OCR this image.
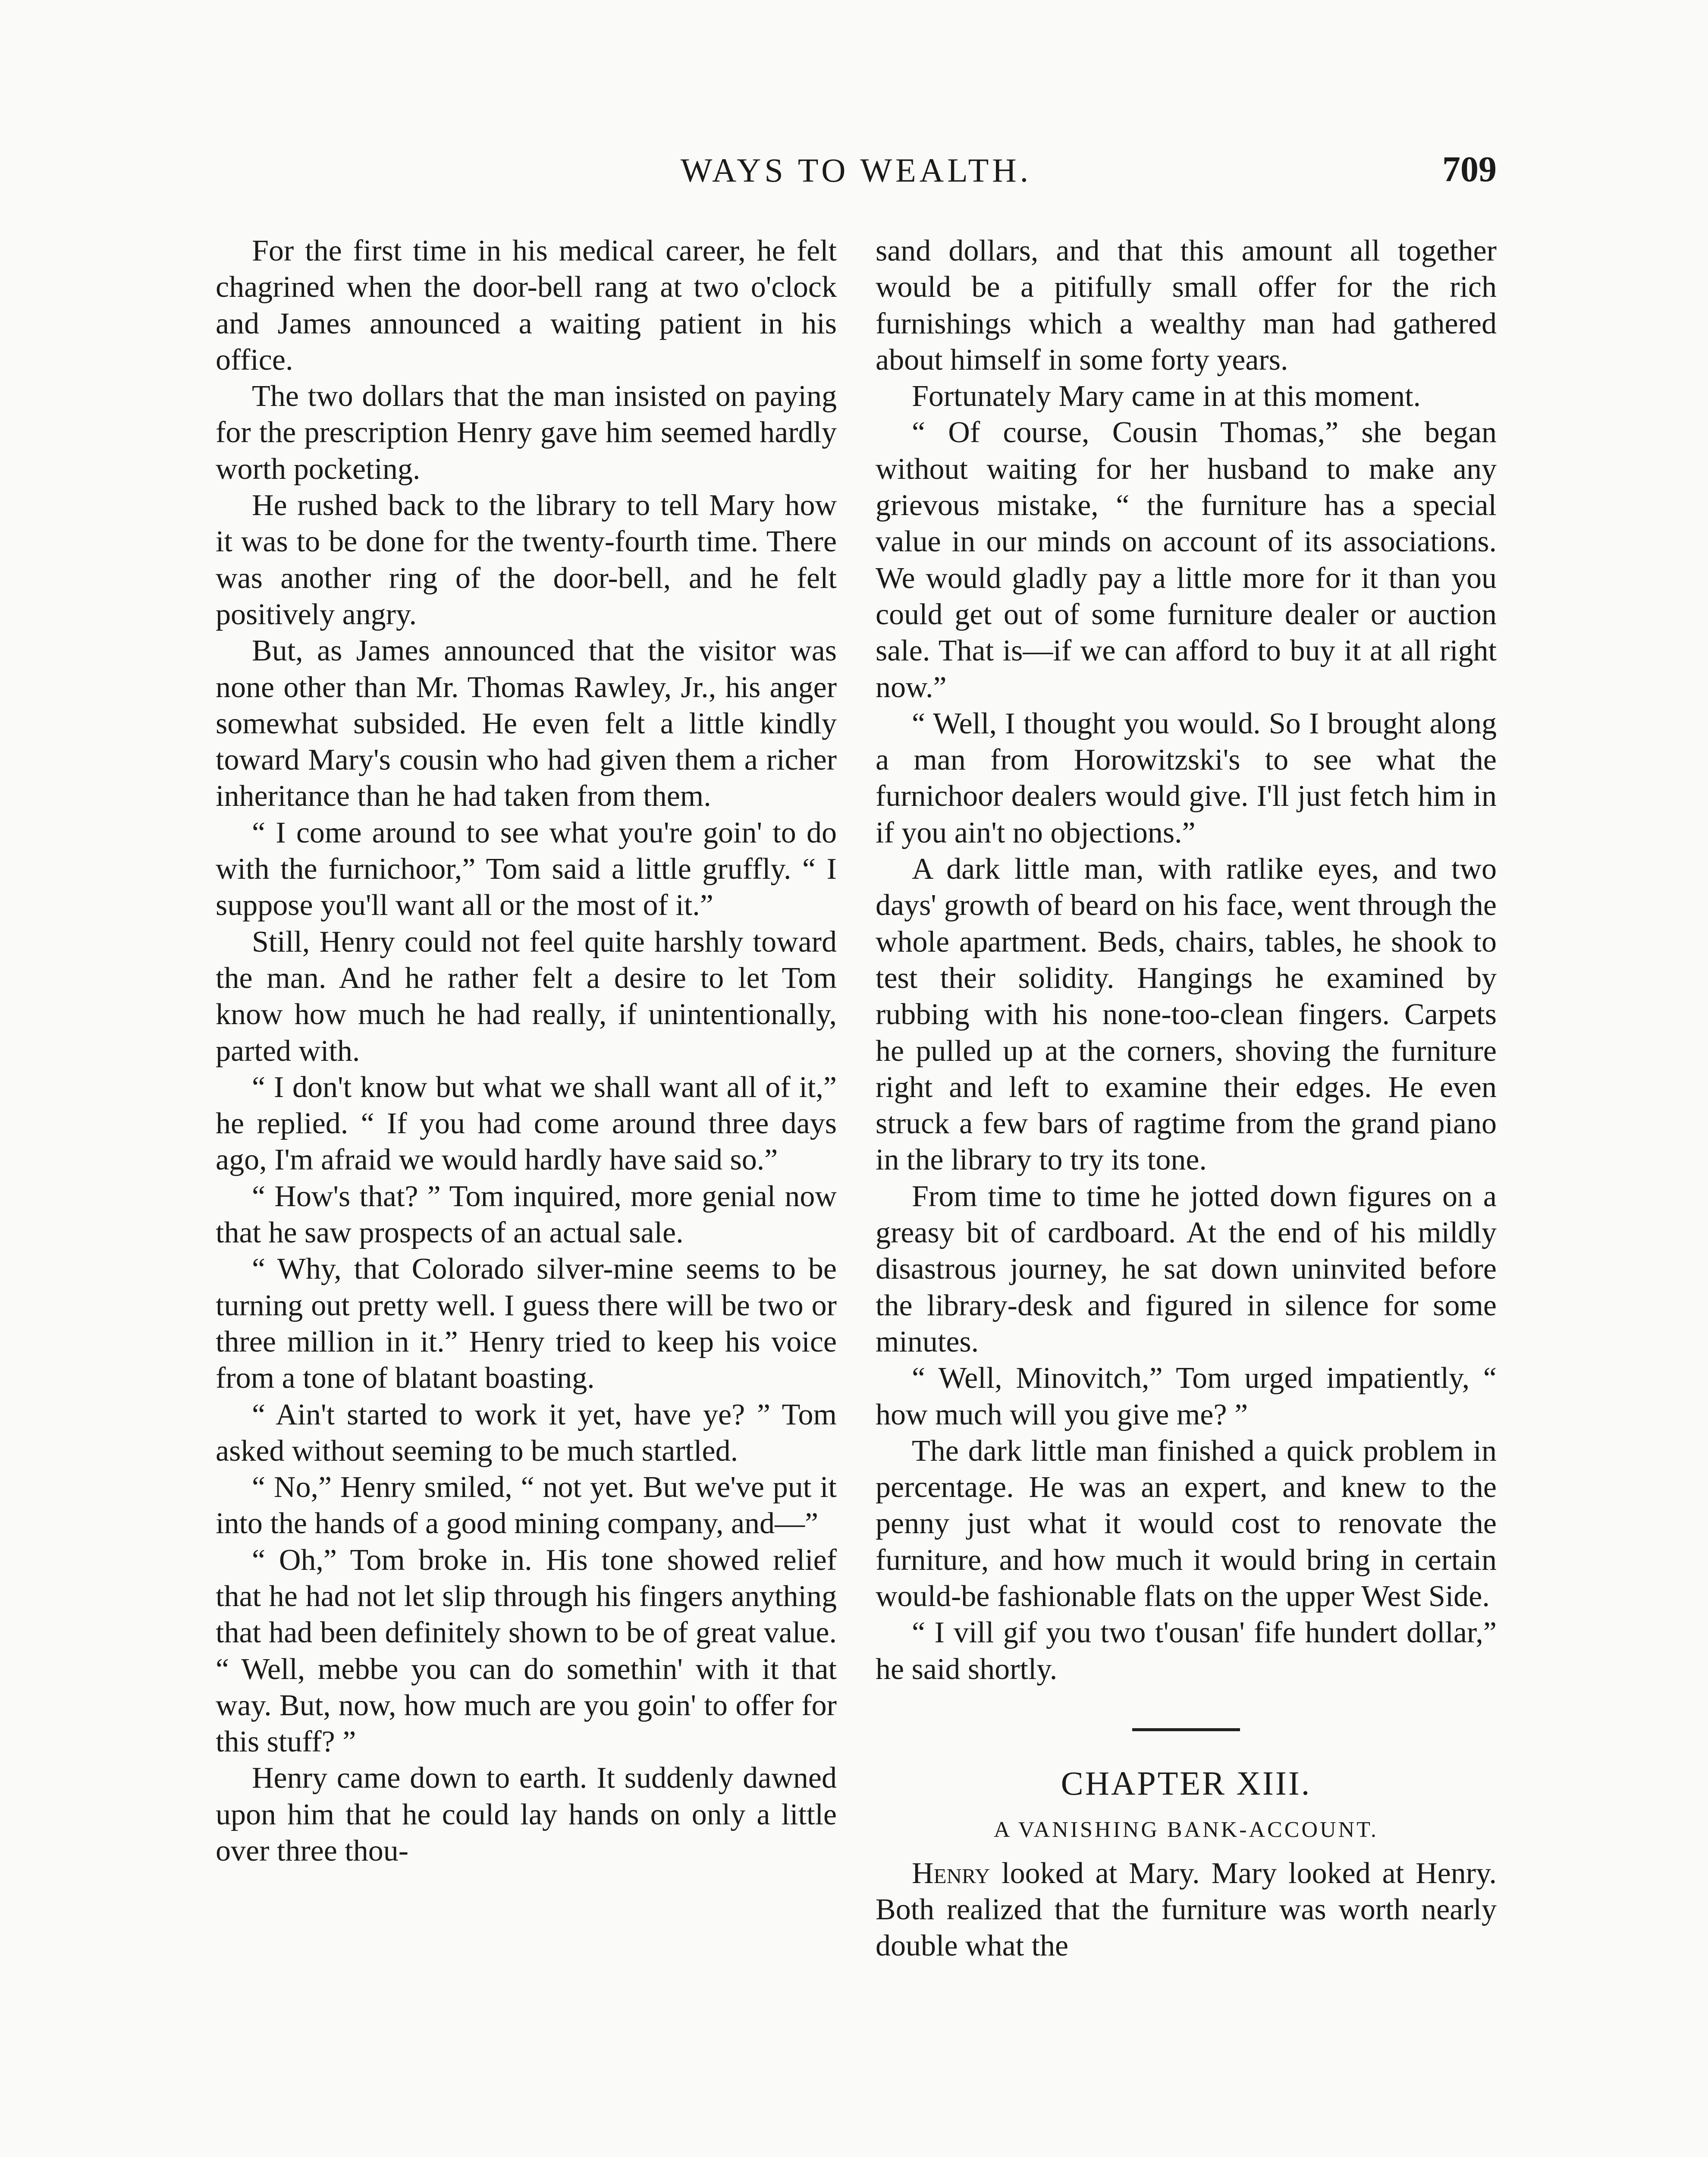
WAYS TO WEALTH.	709

For the first time in his medical career, he felt chagrined when the door-bell rang at two o'clock and James announced a waiting patient in his office.

The two dollars that the man insisted on paying for the prescription Henry gave him seemed hardly worth pocketing.

He rushed back to the library to tell Mary how it was to be done for the twenty-fourth time. There was another ring of the door-bell, and he felt positively angry.

But, as James announced that the visitor was none other than Mr. Thomas Rawley, Jr., his anger somewhat subsided. He even felt a little kindly toward Mary's cousin who had given them a richer inheritance than he had taken from them.

“ I come around to see what you're goin' to do with the furnichoor,” Tom said a little gruffly. “ I suppose you'll want all or the most of it.”

Still, Henry could not feel quite harshly toward the man. And he rather felt a desire to let Tom know how much he had really, if unintentionally, parted with.

“ I don't know but what we shall want all of it,” he replied. “ If you had come around three days ago, I'm afraid we would hardly have said so.”

“ How's that? ” Tom inquired, more genial now that he saw prospects of an actual sale.

“ Why, that Colorado silver-mine seems to be turning out pretty well. I guess there will be two or three million in it.” Henry tried to keep his voice from a tone of blatant boasting.

“ Ain't started to work it yet, have ye? ” Tom asked without seeming to be much startled.

“ No,” Henry smiled, “ not yet. But we've put it into the hands of a good mining company, and—”

“ Oh,” Tom broke in. His tone showed relief that he had not let slip through his fingers anything that had been definitely shown to be of great value. “ Well, mebbe you can do somethin' with it that way. But, now, how much are you goin' to offer for this stuff? ”

Henry came down to earth. It suddenly dawned upon him that he could lay hands on only a little over three thou-

sand dollars, and that this amount all together would be a pitifully small offer for the rich furnishings which a wealthy man had gathered about himself in some forty years.

Fortunately Mary came in at this moment.

“ Of course, Cousin Thomas,” she began without waiting for her husband to make any grievous mistake, “ the furniture has a special value in our minds on account of its associations. We would gladly pay a little more for it than you could get out of some furniture dealer or auction sale. That is—if we can afford to buy it at all right now.”

“ Well, I thought you would. So I brought along a man from Horowitzski's to see what the furnichoor dealers would give. I'll just fetch him in if you ain't no objections.”

A dark little man, with ratlike eyes, and two days' growth of beard on his face, went through the whole apartment. Beds, chairs, tables, he shook to test their solidity. Hangings he examined by rubbing with his none-too-clean fingers. Carpets he pulled up at the corners, shoving the furniture right and left to examine their edges. He even struck a few bars of ragtime from the grand piano in the library to try its tone.

From time to time he jotted down figures on a greasy bit of cardboard. At the end of his mildly disastrous journey, he sat down uninvited before the library-desk and figured in silence for some minutes.

“ Well, Minovitch,” Tom urged impatiently, “ how much will you give me? ”

The dark little man finished a quick problem in percentage. He was an expert, and knew to the penny just what it would cost to renovate the furniture, and how much it would bring in certain would-be fashionable flats on the upper West Side.

“ I vill gif you two t'ousan' fife hundert dollar,” he said shortly.

CHAPTER XIII.
A VANISHING BANK-ACCOUNT.

Henry looked at Mary. Mary looked at Henry. Both realized that the furniture was worth nearly double what the
